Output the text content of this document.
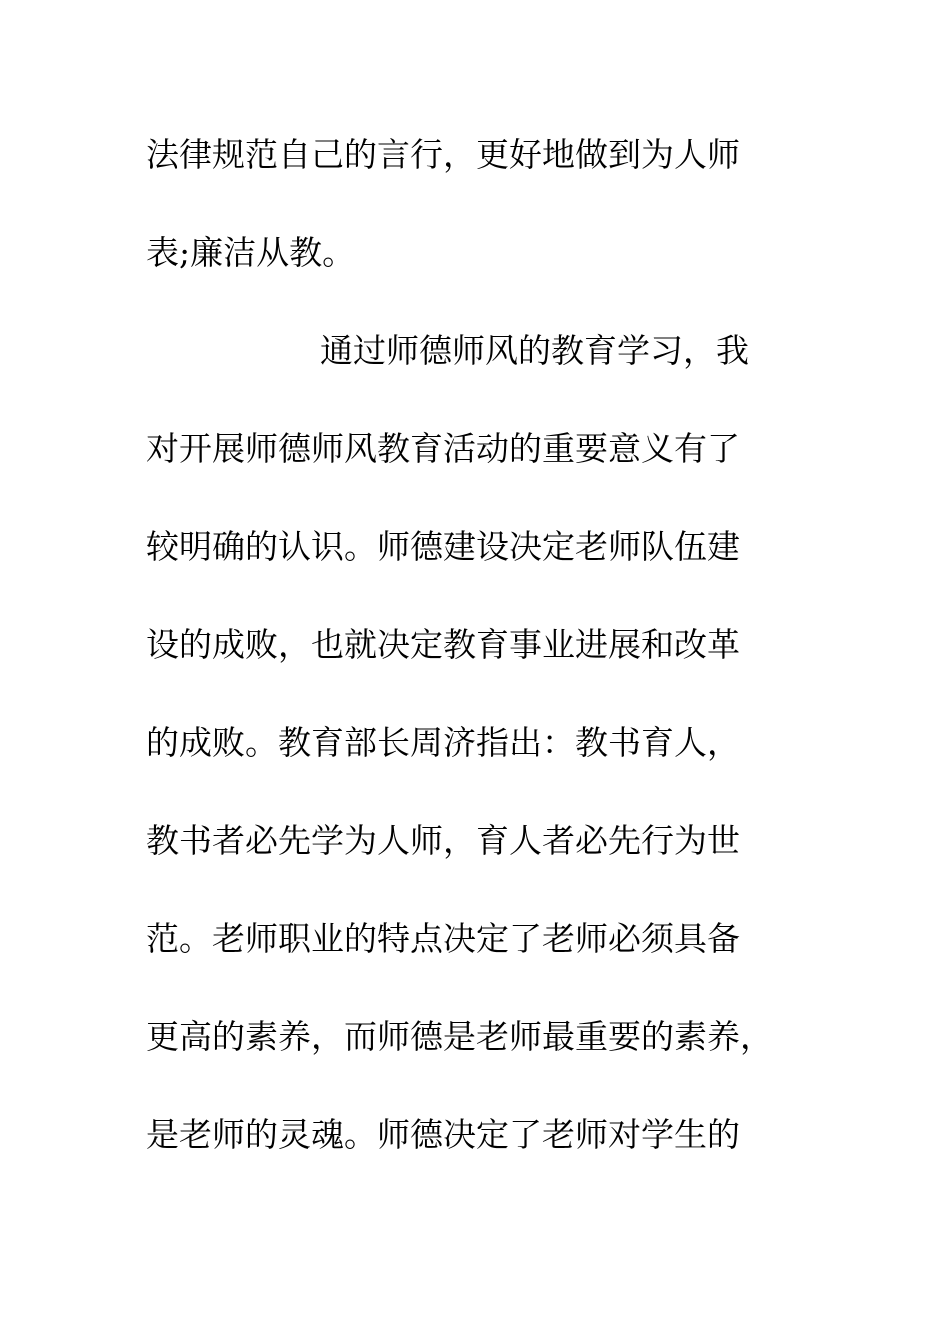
法律规范自己的言行，更好地做到为人师
表;廉洁从教。
通过师德师风的教育学习，我
对开展师德师风教育活动的重要意义有了
较明确的认识。师德建设决定老师队伍建
设的成败，也就决定教育事业进展和改革
的成败。教育部长周济指出：教书育人，
教书者必先学为人师，育人者必先行为世
范。老师职业的特点决定了老师必须具备
更高的素养，而师德是老师最重要的素养，
是老师的灵魂。师德决定了老师对学生的
